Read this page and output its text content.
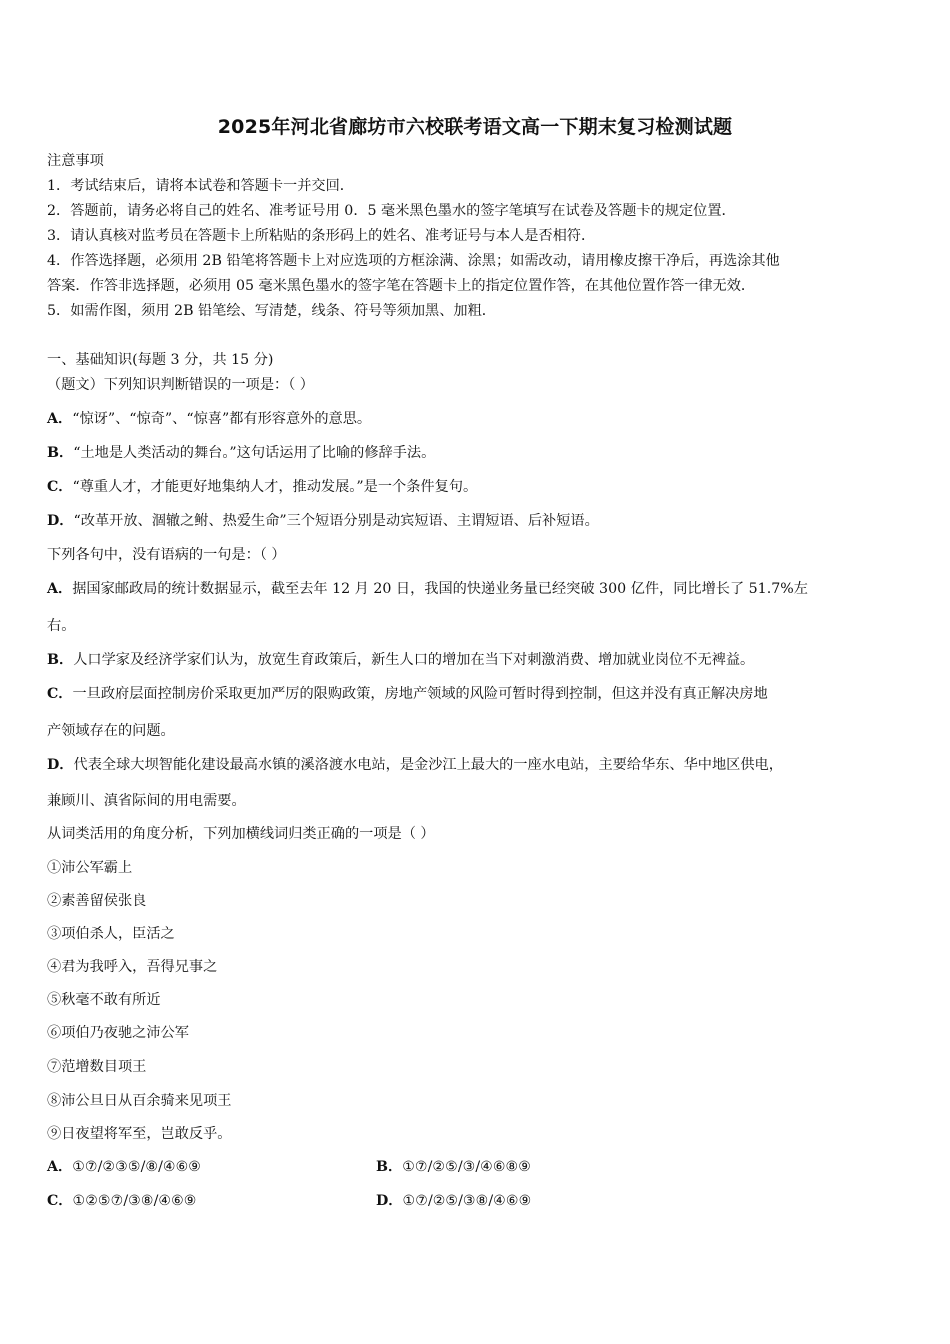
2025年河北省廊坊市六校联考语文高一下期末复习检测试题
注意事项
1．考试结束后，请将本试卷和答题卡一并交回．
2．答题前，请务必将自己的姓名、准考证号用 0．5 毫米黑色墨水的签字笔填写在试卷及答题卡的规定位置．
3．请认真核对监考员在答题卡上所粘贴的条形码上的姓名、准考证号与本人是否相符．
4．作答选择题，必须用 2B 铅笔将答题卡上对应选项的方框涂满、涂黑；如需改动，请用橡皮擦干净后，再选涂其他
答案．作答非选择题，必须用 05 毫米黑色墨水的签字笔在答题卡上的指定位置作答，在其他位置作答一律无效．
5．如需作图，须用 2B 铅笔绘、写清楚，线条、符号等须加黑、加粗．
一、基础知识(每题 3 分，共 15 分)
（题文）下列知识判断错误的一项是：（ ）
A．“惊讶”、“惊奇”、“惊喜”都有形容意外的意思。
B．“土地是人类活动的舞台。”这句话运用了比喻的修辞手法。
C．“尊重人才，才能更好地集纳人才，推动发展。”是一个条件复句。
D．“改革开放、涸辙之鲋、热爱生命”三个短语分别是动宾短语、主谓短语、后补短语。
下列各句中，没有语病的一句是：（ ）
A．据国家邮政局的统计数据显示，截至去年 12 月 20 日，我国的快递业务量已经突破 300 亿件，同比增长了 51.7%左
右。
B．人口学家及经济学家们认为，放宽生育政策后，新生人口的增加在当下对刺激消费、增加就业岗位不无裨益。
C．一旦政府层面控制房价采取更加严厉的限购政策，房地产领域的风险可暂时得到控制，但这并没有真正解决房地
产领域存在的问题。
D．代表全球大坝智能化建设最高水镇的溪洛渡水电站，是金沙江上最大的一座水电站，主要给华东、华中地区供电，
兼顾川、滇省际间的用电需要。
从词类活用的角度分析，下列加横线词归类正确的一项是（ ）
①沛公军霸上
②素善留侯张良
③项伯杀人，臣活之
④君为我呼入，吾得兄事之
⑤秋毫不敢有所近
⑥项伯乃夜驰之沛公军
⑦范增数目项王
⑧沛公旦日从百余骑来见项王
⑨日夜望将军至，岂敢反乎。
A．①⑦/②③⑤/⑧/④⑥⑨	B．①⑦/②⑤/③/④⑥⑧⑨
C．①②⑤⑦/③⑧/④⑥⑨	D．①⑦/②⑤/③⑧/④⑥⑨
